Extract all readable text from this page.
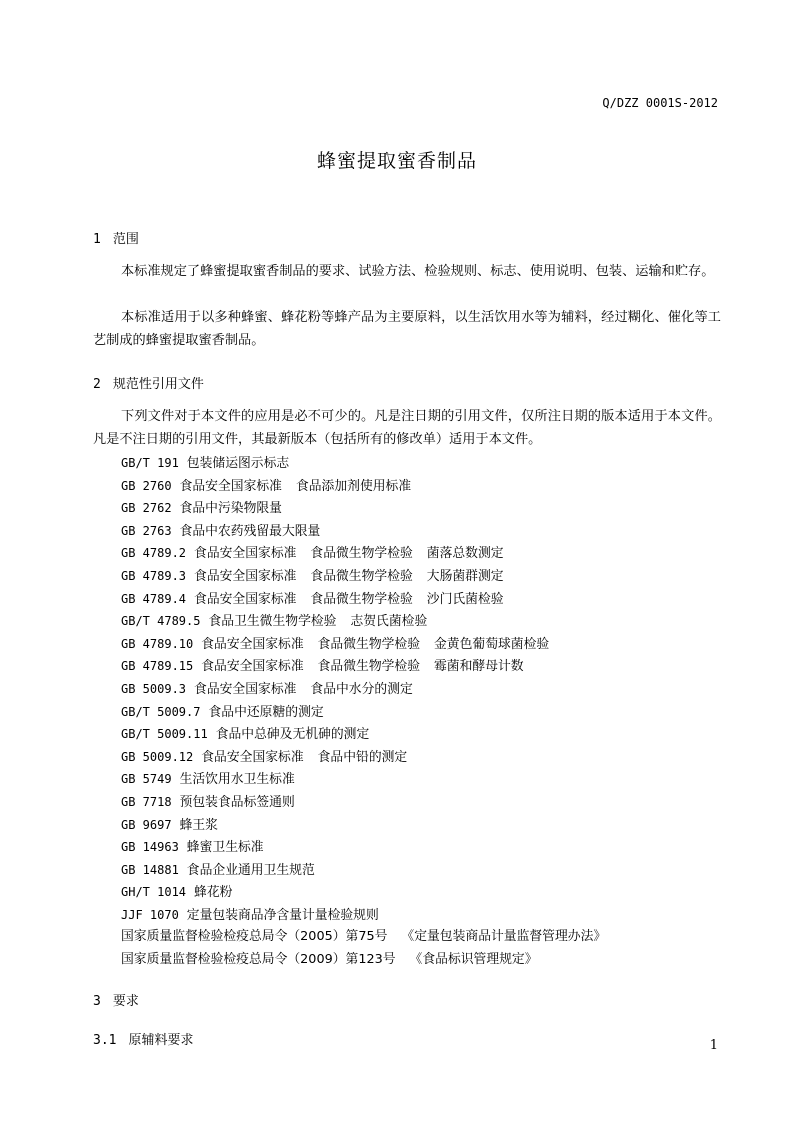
Q/DZZ 0001S-2012
蜂蜜提取蜜香制品
1 范围

本标准规定了蜂蜜提取蜜香制品的要求、试验方法、检验规则、标志、使用说明、包装、运输和贮存。

本标准适用于以多种蜂蜜、蜂花粉等蜂产品为主要原料，以生活饮用水等为辅料，经过糊化、催化等工艺制成的蜂蜜提取蜜香制品。

2 规范性引用文件

下列文件对于本文件的应用是必不可少的。凡是注日期的引用文件，仅所注日期的版本适用于本文件。凡是不注日期的引用文件，其最新版本（包括所有的修改单）适用于本文件。

GB/T 191 包装储运图示标志
GB 2760 食品安全国家标准 食品添加剂使用标准
GB 2762 食品中污染物限量
GB 2763 食品中农药残留最大限量
GB 4789.2 食品安全国家标准 食品微生物学检验 菌落总数测定
GB 4789.3 食品安全国家标准 食品微生物学检验 大肠菌群测定
GB 4789.4 食品安全国家标准 食品微生物学检验 沙门氏菌检验
GB/T 4789.5 食品卫生微生物学检验 志贺氏菌检验
GB 4789.10 食品安全国家标准 食品微生物学检验 金黄色葡萄球菌检验
GB 4789.15 食品安全国家标准 食品微生物学检验 霉菌和酵母计数
GB 5009.3 食品安全国家标准 食品中水分的测定
GB/T 5009.7 食品中还原糖的测定
GB/T 5009.11 食品中总砷及无机砷的测定
GB 5009.12 食品安全国家标准 食品中铅的测定
GB 5749 生活饮用水卫生标准
GB 7718 预包装食品标签通则
GB 9697 蜂王浆
GB 14963 蜂蜜卫生标准
GB 14881 食品企业通用卫生规范
GH/T 1014 蜂花粉
JJF 1070 定量包装商品净含量计量检验规则
国家质量监督检验检疫总局令（2005）第75号 《定量包装商品计量监督管理办法》
国家质量监督检验检疫总局令（2009）第123号 《食品标识管理规定》
3 要求
3.1 原辅料要求	1
